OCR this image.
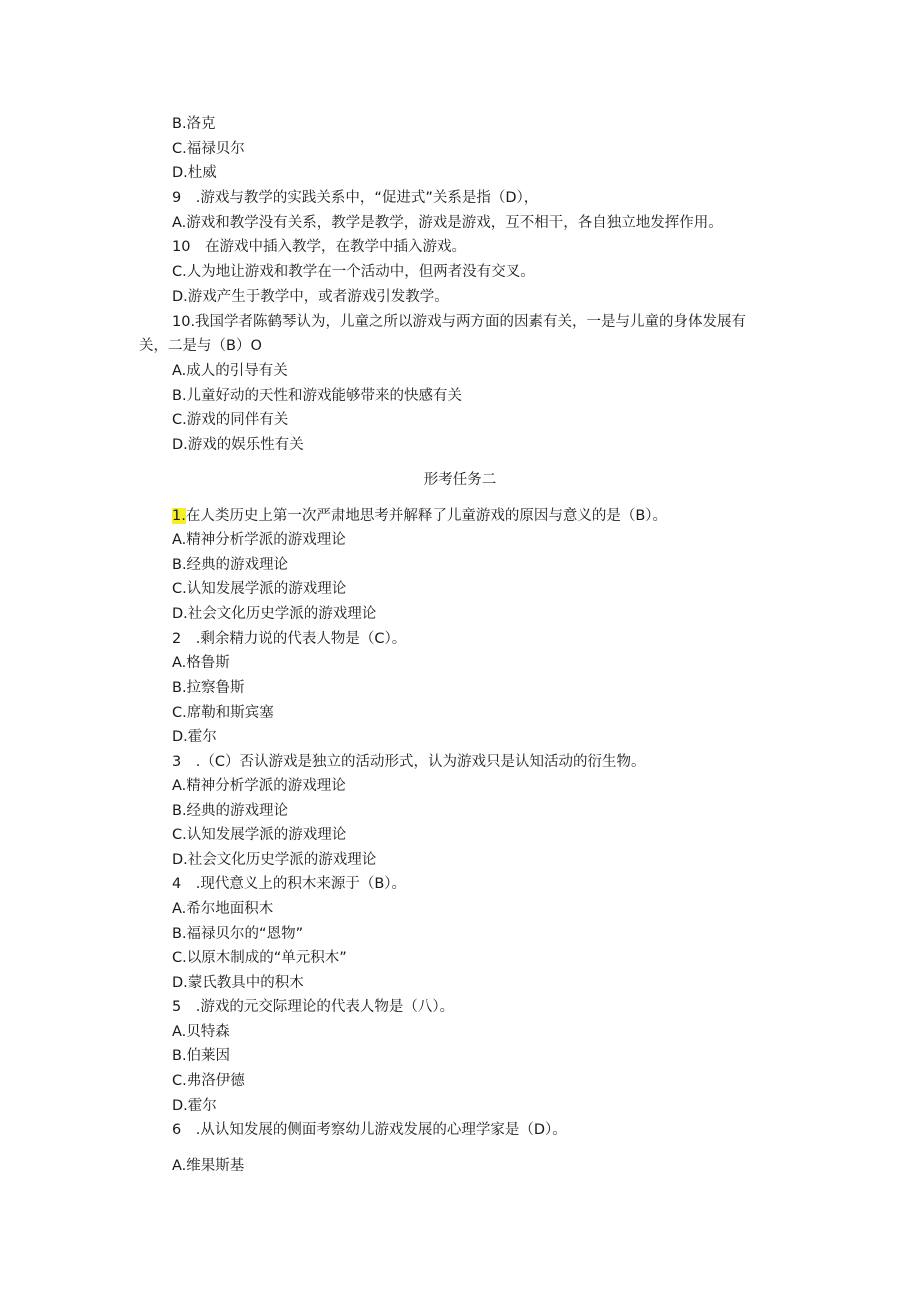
B.洛克
C.福禄贝尔
D.杜威
9　.游戏与教学的实践关系中，“促进式”关系是指（D），
A.游戏和教学没有关系，教学是教学，游戏是游戏，互不相干，各自独立地发挥作用。
10　在游戏中插入教学，在教学中插入游戏。
C.人为地让游戏和教学在一个活动中，但两者没有交叉。
D.游戏产生于教学中，或者游戏引发教学。
10.我国学者陈鹤琴认为，儿童之所以游戏与两方面的因素有关，一是与儿童的身体发展有
关，二是与（B）O
A.成人的引导有关
B.儿童好动的天性和游戏能够带来的快感有关
C.游戏的同伴有关
D.游戏的娱乐性有关
形考任务二
1.在人类历史上第一次严肃地思考并解释了儿童游戏的原因与意义的是（B）。
A.精神分析学派的游戏理论
B.经典的游戏理论
C.认知发展学派的游戏理论
D.社会文化历史学派的游戏理论
2　.剩余精力说的代表人物是（C）。
A.格鲁斯
B.拉察鲁斯
C.席勒和斯宾塞
D.霍尔
3　.（C）否认游戏是独立的活动形式，认为游戏只是认知活动的衍生物。
A.精神分析学派的游戏理论
B.经典的游戏理论
C.认知发展学派的游戏理论
D.社会文化历史学派的游戏理论
4　.现代意义上的积木来源于（B）。
A.希尔地面积木
B.福禄贝尔的“恩物”
C.以原木制成的“单元积木”
D.蒙氏教具中的积木
5　.游戏的元交际理论的代表人物是（八）。
A.贝特森
B.伯莱因
C.弗洛伊德
D.霍尔
6　.从认知发展的侧面考察幼儿游戏发展的心理学家是（D）。
A.维果斯基
